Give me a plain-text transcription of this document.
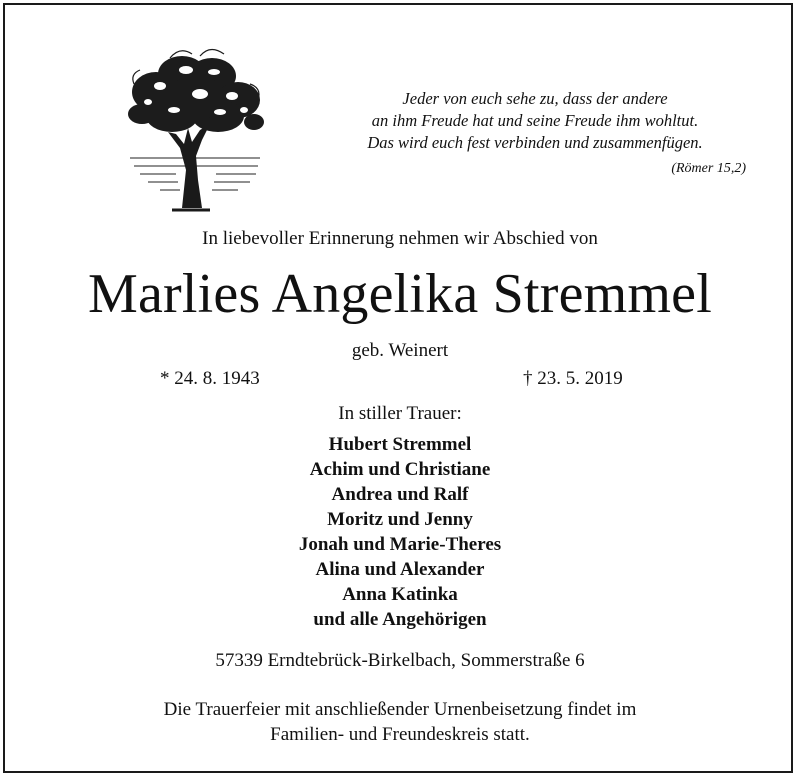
Jeder von euch sehe zu, dass der andere
an ihm Freude hat und seine Freude ihm wohltut.
Das wird euch fest verbinden und zusammenfügen.
(Römer 15,2)
In liebevoller Erinnerung nehmen wir Abschied von
Marlies Angelika Stremmel
geb. Weinert
* 24. 8. 1943	† 23. 5. 2019
In stiller Trauer:
Hubert Stremmel
Achim und Christiane
Andrea und Ralf
Moritz und Jenny
Jonah und Marie-Theres
Alina und Alexander
Anna Katinka
und alle Angehörigen
57339 Erndtebrück-Birkelbach, Sommerstraße 6
Die Trauerfeier mit anschließender Urnenbeisetzung findet im
Familien- und Freundeskreis statt.
